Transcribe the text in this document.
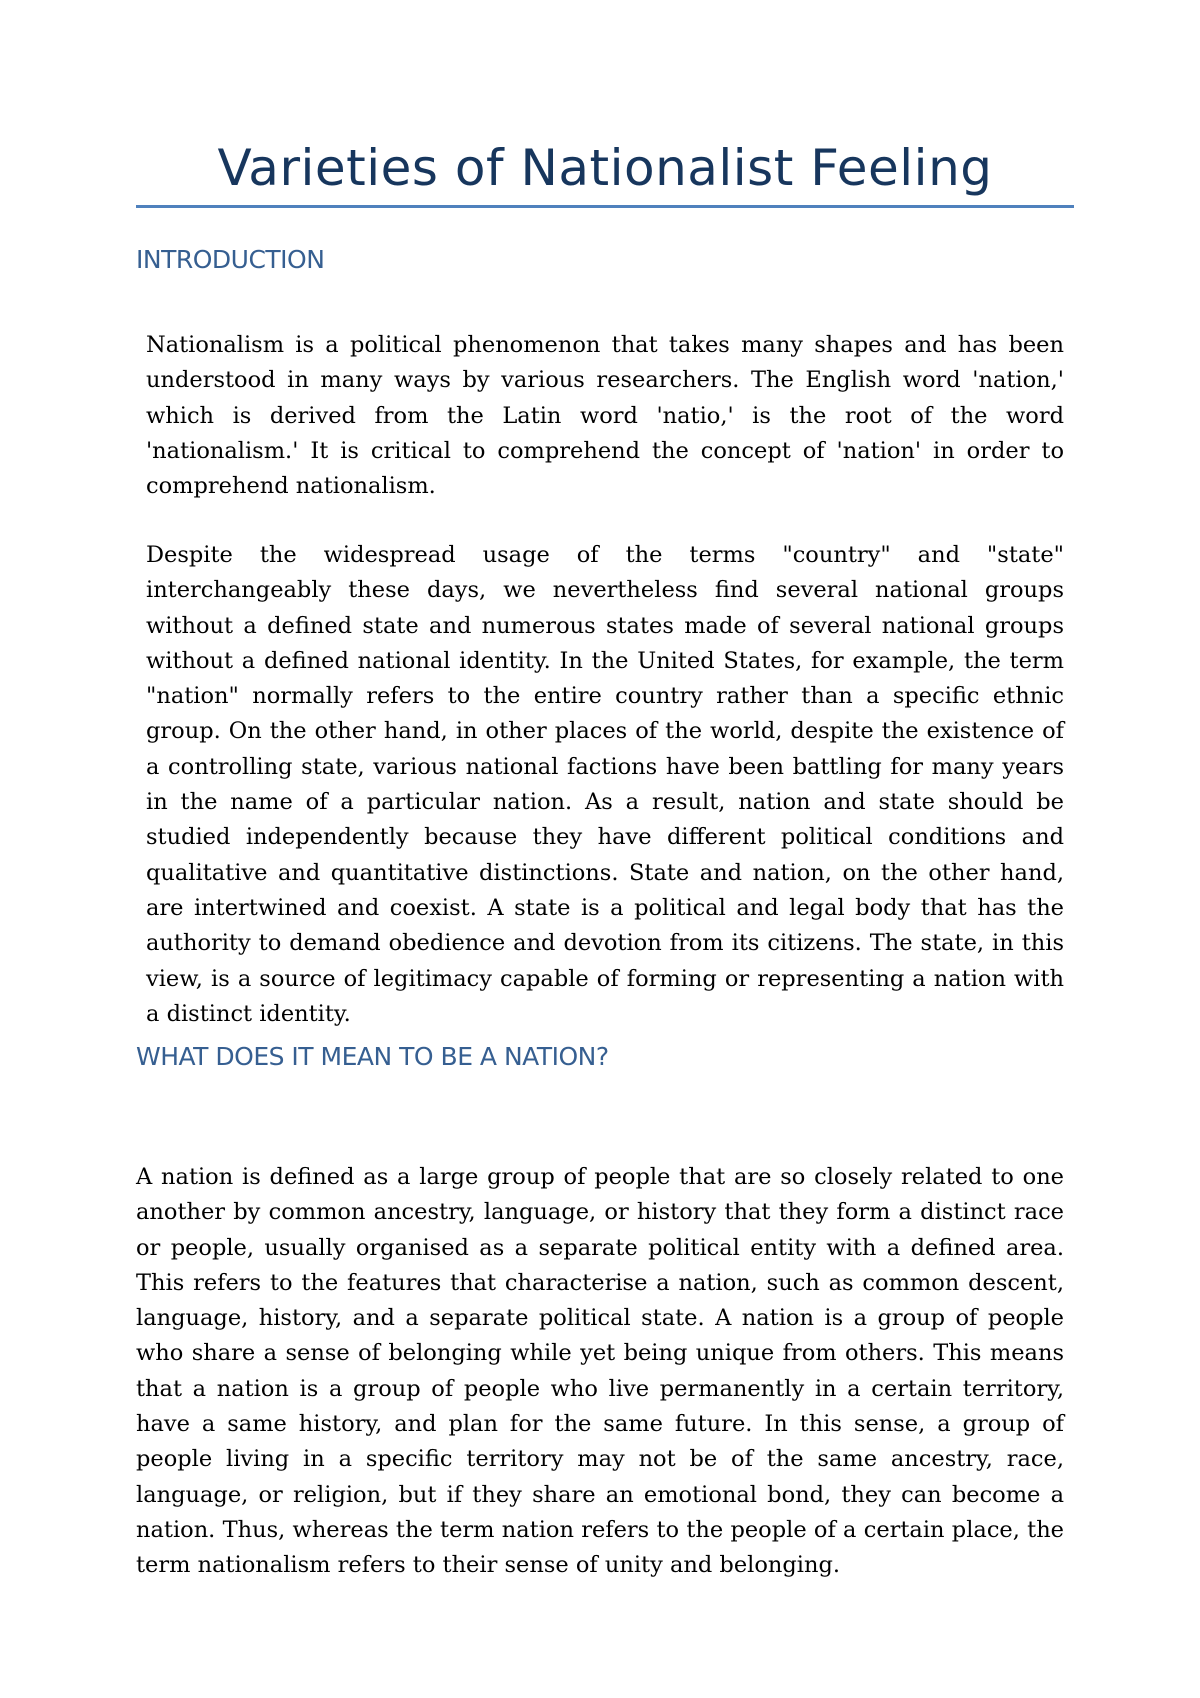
Varieties of Nationalist Feeling
INTRODUCTION

Nationalism is a political phenomenon that takes many shapes and has been understood in many ways by various researchers. The English word 'nation,' which is derived from the Latin word 'natio,' is the root of the word 'nationalism.' It is critical to comprehend the concept of 'nation' in order to comprehend nationalism.

Despite the widespread usage of the terms "country" and "state" interchangeably these days, we nevertheless find several national groups without a defined state and numerous states made of several national groups without a defined national identity. In the United States, for example, the term "nation" normally refers to the entire country rather than a specific ethnic group. On the other hand, in other places of the world, despite the existence of a controlling state, various national factions have been battling for many years in the name of a particular nation. As a result, nation and state should be studied independently because they have different political conditions and qualitative and quantitative distinctions. State and nation, on the other hand, are intertwined and coexist. A state is a political and legal body that has the authority to demand obedience and devotion from its citizens. The state, in this view, is a source of legitimacy capable of forming or representing a nation with a distinct identity.

WHAT DOES IT MEAN TO BE A NATION?

A nation is defined as a large group of people that are so closely related to one another by common ancestry, language, or history that they form a distinct race or people, usually organised as a separate political entity with a defined area. This refers to the features that characterise a nation, such as common descent, language, history, and a separate political state. A nation is a group of people who share a sense of belonging while yet being unique from others. This means that a nation is a group of people who live permanently in a certain territory, have a same history, and plan for the same future. In this sense, a group of people living in a specific territory may not be of the same ancestry, race, language, or religion, but if they share an emotional bond, they can become a nation. Thus, whereas the term nation refers to the people of a certain place, the term nationalism refers to their sense of unity and belonging.
